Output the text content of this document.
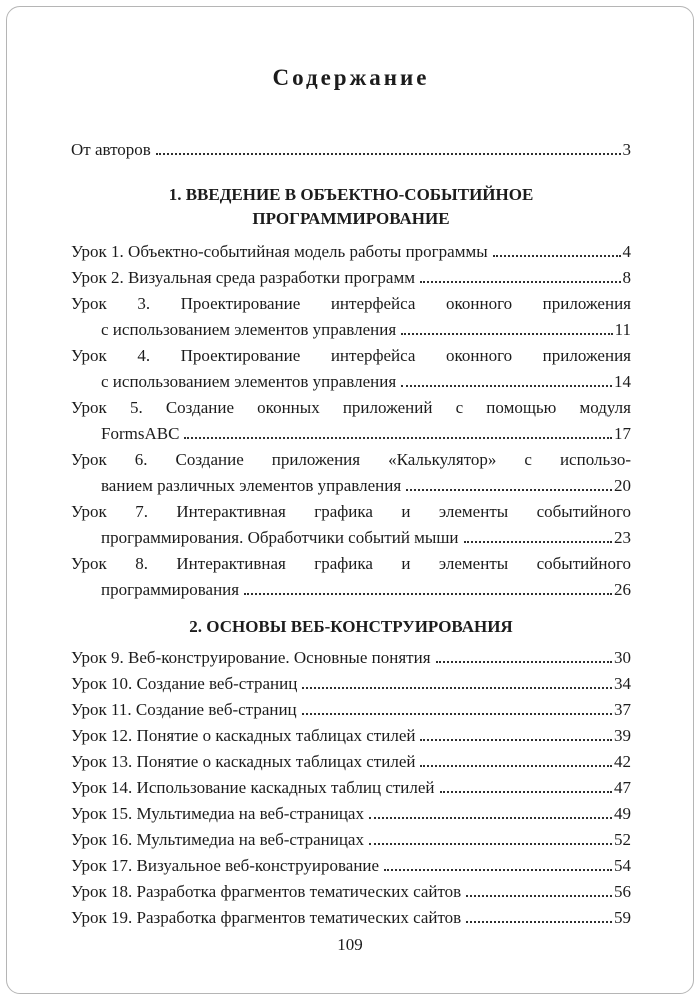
Содержание
От авторов	3
1. ВВЕДЕНИЕ В ОБЪЕКТНО-СОБЫТИЙНОЕ
ПРОГРАММИРОВАНИЕ
Урок 1. Объектно-событийная модель работы программы	4
Урок 2. Визуальная среда разработки программ	8
Урок 3. Проектирование интерфейса оконного приложения
с использованием элементов управления	11
Урок 4. Проектирование интерфейса оконного приложения
с использованием элементов управления	14
Урок 5. Создание оконных приложений с помощью модуля
FormsABC	17
Урок 6. Создание приложения «Калькулятор» с использо-
ванием различных элементов управления	20
Урок 7. Интерактивная графика и элементы событийного
программирования. Обработчики событий мыши	23
Урок 8. Интерактивная графика и элементы событийного
программирования	26
2. ОСНОВЫ ВЕБ-КОНСТРУИРОВАНИЯ
Урок 9. Веб-конструирование. Основные понятия	30
Урок 10. Создание веб-страниц	34
Урок 11. Создание веб-страниц	37
Урок 12. Понятие о каскадных таблицах стилей	39
Урок 13. Понятие о каскадных таблицах стилей	42
Урок 14. Использование каскадных таблиц стилей	47
Урок 15. Мультимедиа на веб-страницах	49
Урок 16. Мультимедиа на веб-страницах	52
Урок 17. Визуальное веб-конструирование	54
Урок 18. Разработка фрагментов тематических сайтов	56
Урок 19. Разработка фрагментов тематических сайтов	59
109
